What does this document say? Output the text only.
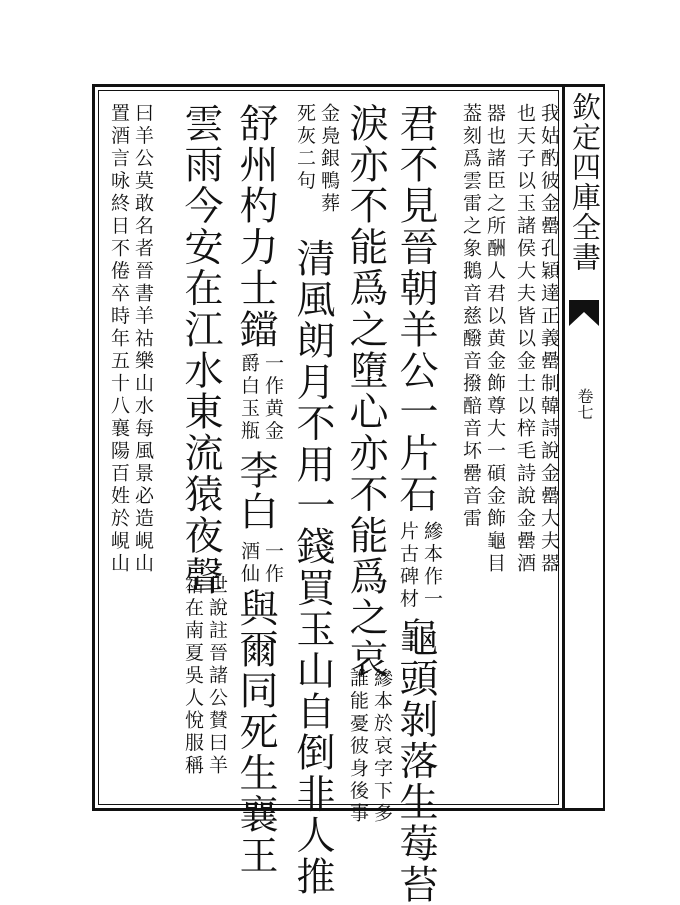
欽定四庫全書
卷七
我姑酌彼金罍孔穎達正義罍制韓詩說金罍大夫器
也天子以玉諸侯大夫皆以金士以梓毛詩說金罍酒
器也諸臣之所酬人君以黄金飾尊大一碩金飾龜目
葢刻爲雲雷之象鵝音慈醱音撥醅音坏罍音雷
君不見晉朝羊公一片石
縿本作一
片古碑材
龜頭剝落生莓苔
淚亦不能爲之墮心亦不能爲之哀
縿本於哀字下多
誰能憂彼身後事
金鳧銀鴨葬
死灰二句
清風朗月不用一錢買玉山自倒非人推
舒州杓力士鐺
一作黄金
爵白玉瓶
李白
一作
酒仙
與爾同死生襄王
雲雨今安在江水東流猿夜聲
世說註晉諸公賛曰羊
祜在南夏吳人悅服稱
曰羊公莫敢名者晉書羊祜樂山水每風景必造峴山
置酒言咏終日不倦卒時年五十八襄陽百姓於峴山
